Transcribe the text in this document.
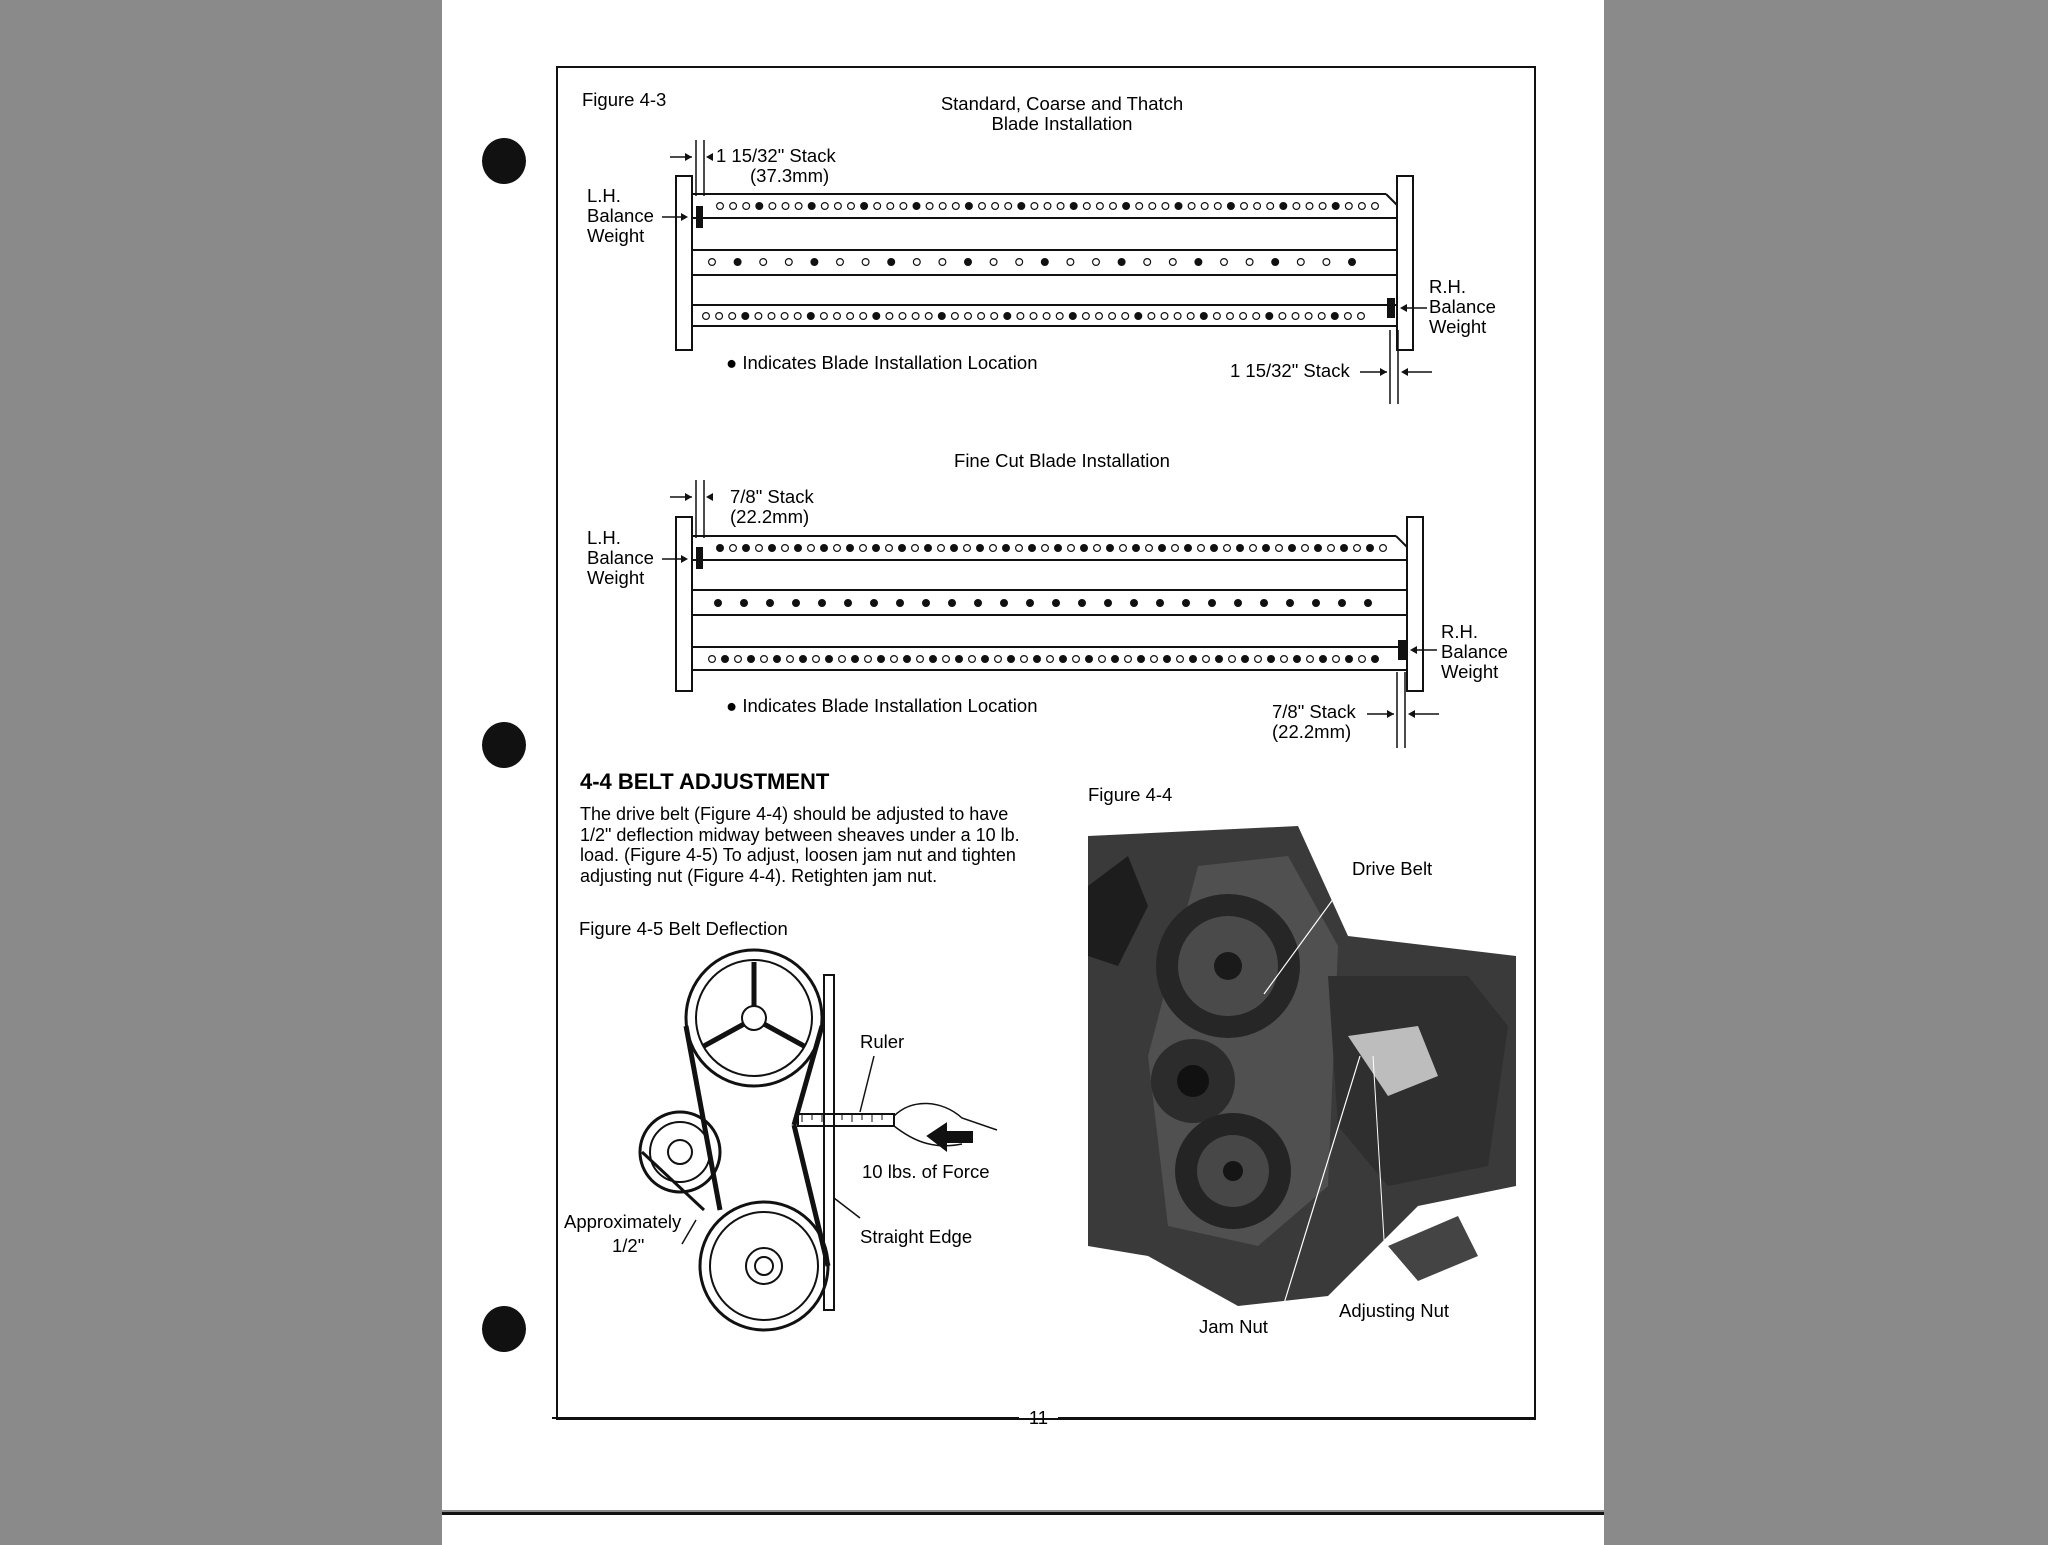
Figure 4-3	Standard, Coarse and Thatch
Blade Installation
1 15/32" Stack
(37.3mm)
L.H.
Balance
Weight
R.H.
Balance
Weight
● Indicates Blade Installation Location	1 15/32" Stack
Fine Cut Blade Installation
7/8" Stack
(22.2mm)
L.H.
Balance
Weight
R.H.
Balance
Weight
● Indicates Blade Installation Location	7/8" Stack
(22.2mm)
4-4 BELT ADJUSTMENT
The drive belt (Figure 4-4) should be adjusted to have 1/2" deflection midway between sheaves under a 10 lb. load. (Figure 4-5) To adjust, loosen jam nut and tighten adjusting nut (Figure 4-4). Retighten jam nut.
Figure 4-5 Belt Deflection
Ruler
10 lbs. of Force
Approximately
1/2"	Straight Edge
Figure 4-4
Drive Belt
Adjusting Nut
Jam Nut
11
